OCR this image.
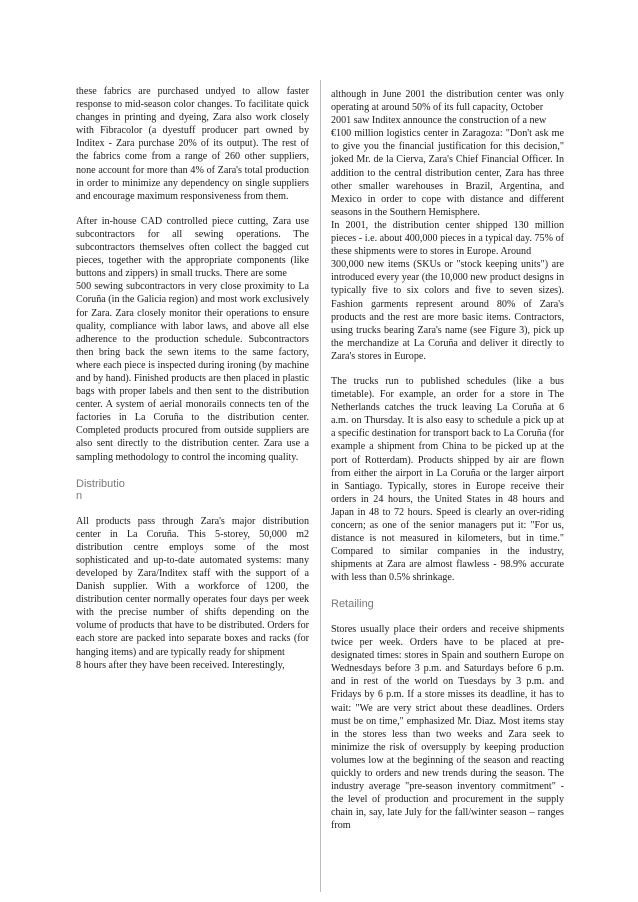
these fabrics are purchased undyed to allow faster response to mid-season color changes. To facilitate quick changes in printing and dyeing, Zara also work closely with Fibracolor (a dyestuff producer part owned by Inditex - Zara purchase 20% of its output). The rest of the fabrics come from a range of 260 other suppliers, none account for more than 4% of Zara's total production in order to minimize any dependency on single suppliers and encourage maximum responsiveness from them.

After in-house CAD controlled piece cutting, Zara use subcontractors for all sewing operations. The subcontractors themselves often collect the bagged cut pieces, together with the appropriate components (like buttons and zippers) in small trucks. There are some

500 sewing subcontractors in very close proximity to La Coruña (in the Galicia region) and most work exclusively for Zara. Zara closely monitor their operations to ensure quality, compliance with labor laws, and above all else adherence to the production schedule. Subcontractors then bring back the sewn items to the same factory, where each piece is inspected during ironing (by machine and by hand). Finished products are then placed in plastic bags with proper labels and then sent to the distribution center. A system of aerial monorails connects ten of the factories in La Coruña to the distribution center. Completed products procured from outside suppliers are also sent directly to the distribution center. Zara use a sampling methodology to control the incoming quality.

Distribution

All products pass through Zara's major distribution center in La Coruña. This 5-storey, 50,000 m2 distribution centre employs some of the most sophisticated and up-to-date automated systems: many developed by Zara/Inditex staff with the support of a Danish supplier. With a workforce of 1200, the distribution center normally operates four days per week with the precise number of shifts depending on the volume of products that have to be distributed. Orders for each store are packed into separate boxes and racks (for hanging items) and are typically ready for shipment

8 hours after they have been received. Interestingly,

although in June 2001 the distribution center was only operating at around 50% of its full capacity, October

2001 saw Inditex announce the construction of a new

€100 million logistics center in Zaragoza: "Don't ask me to give you the financial justification for this decision," joked Mr. de la Cierva, Zara's Chief Financial Officer. In addition to the central distribution center, Zara has three other smaller warehouses in Brazil, Argentina, and Mexico in order to cope with distance and different seasons in the Southern Hemisphere.

In 2001, the distribution center shipped 130 million pieces - i.e. about 400,000 pieces in a typical day. 75% of these shipments were to stores in Europe. Around

300,000 new items (SKUs or "stock keeping units") are introduced every year (the 10,000 new product designs in typically five to six colors and five to seven sizes). Fashion garments represent around 80% of Zara's products and the rest are more basic items. Contractors, using trucks bearing Zara's name (see Figure 3), pick up the merchandize at La Coruña and deliver it directly to Zara's stores in Europe.

The trucks run to published schedules (like a bus timetable). For example, an order for a store in The Netherlands catches the truck leaving La Coruña at 6 a.m. on Thursday. It is also easy to schedule a pick up at a specific destination for transport back to La Coruña (for example a shipment from China to be picked up at the port of Rotterdam). Products shipped by air are flown from either the airport in La Coruña or the larger airport in Santiago. Typically, stores in Europe receive their orders in 24 hours, the United States in 48 hours and Japan in 48 to 72 hours. Speed is clearly an over-riding concern; as one of the senior managers put it: "For us, distance is not measured in kilometers, but in time." Compared to similar companies in the industry, shipments at Zara are almost flawless - 98.9% accurate with less than 0.5% shrinkage.

Retailing

Stores usually place their orders and receive shipments twice per week. Orders have to be placed at pre-designated times: stores in Spain and southern Europe on Wednesdays before 3 p.m. and Saturdays before 6 p.m. and in rest of the world on Tuesdays by 3 p.m. and Fridays by 6 p.m. If a store misses its deadline, it has to wait: "We are very strict about these deadlines. Orders must be on time," emphasized Mr. Diaz. Most items stay in the stores less than two weeks and Zara seek to minimize the risk of oversupply by keeping production volumes low at the beginning of the season and reacting quickly to orders and new trends during the season. The industry average "pre-season inventory commitment" - the level of production and procurement in the supply chain in, say, late July for the fall/winter season – ranges from
